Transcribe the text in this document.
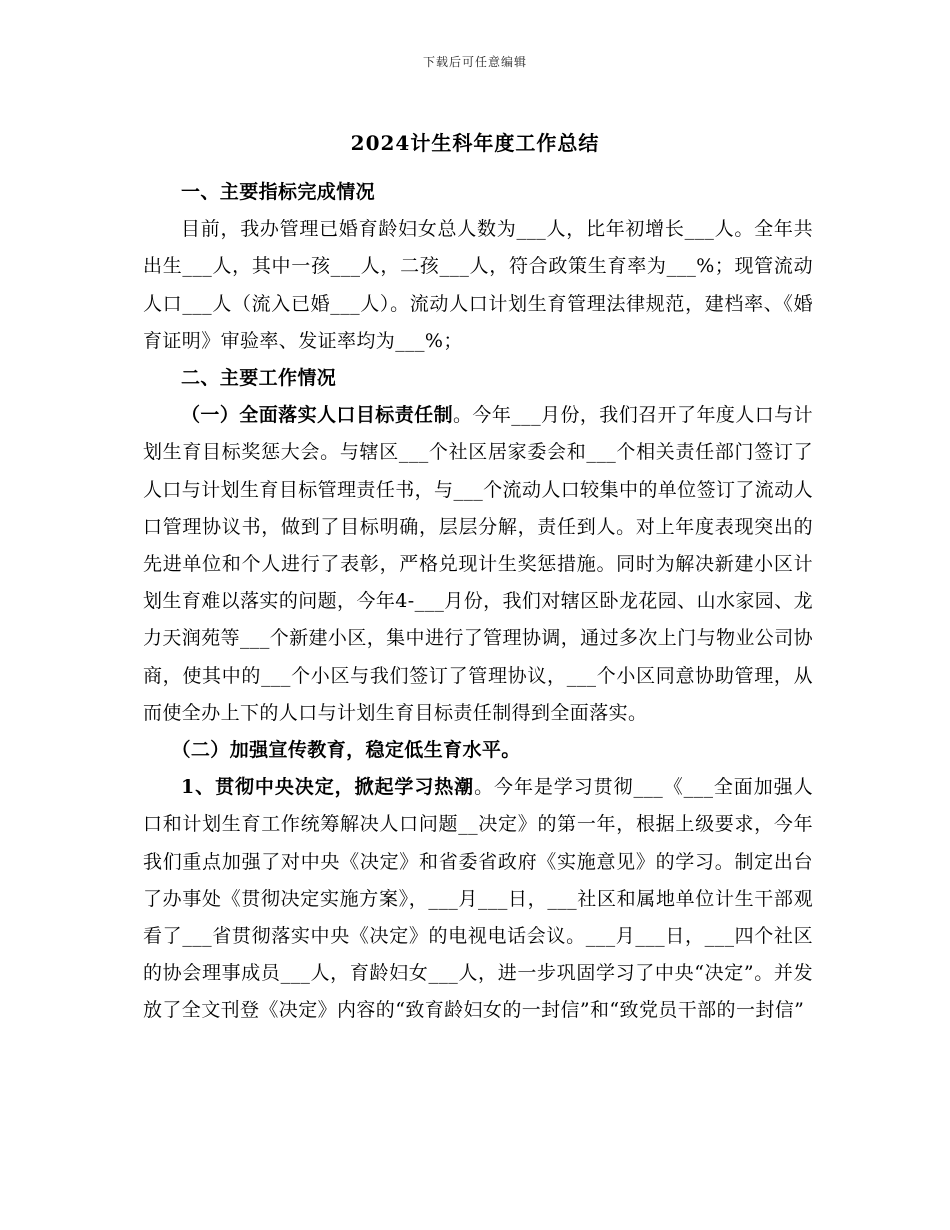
下载后可任意编辑
2024计生科年度工作总结

一、主要指标完成情况

目前，我办管理已婚育龄妇女总人数为___人，比年初增长___人。全年共出生___人，其中一孩___人，二孩___人，符合政策生育率为___%；现管流动人口___人（流入已婚___人）。流动人口计划生育管理法律规范，建档率、《婚育证明》审验率、发证率均为___%；

二、主要工作情况

（一）全面落实人口目标责任制。今年___月份，我们召开了年度人口与计划生育目标奖惩大会。与辖区___个社区居家委会和___个相关责任部门签订了人口与计划生育目标管理责任书，与___个流动人口较集中的单位签订了流动人口管理协议书，做到了目标明确，层层分解，责任到人。对上年度表现突出的先进单位和个人进行了表彰，严格兑现计生奖惩措施。同时为解决新建小区计划生育难以落实的问题，今年4-___月份，我们对辖区卧龙花园、山水家园、龙力天润苑等___个新建小区，集中进行了管理协调，通过多次上门与物业公司协商，使其中的___个小区与我们签订了管理协议，___个小区同意协助管理，从而使全办上下的人口与计划生育目标责任制得到全面落实。

（二）加强宣传教育，稳定低生育水平。

1、贯彻中央决定，掀起学习热潮。今年是学习贯彻___《___全面加强人口和计划生育工作统筹解决人口问题__决定》的第一年，根据上级要求，今年我们重点加强了对中央《决定》和省委省政府《实施意见》的学习。制定出台了办事处《贯彻决定实施方案》，___月___日，___社区和属地单位计生干部观看了___省贯彻落实中央《决定》的电视电话会议。___月___日，___四个社区的协会理事成员___人，育龄妇女___人，进一步巩固学习了中央“决定”。并发放了全文刊登《决定》内容的“致育龄妇女的一封信”和“致党员干部的一封信”
